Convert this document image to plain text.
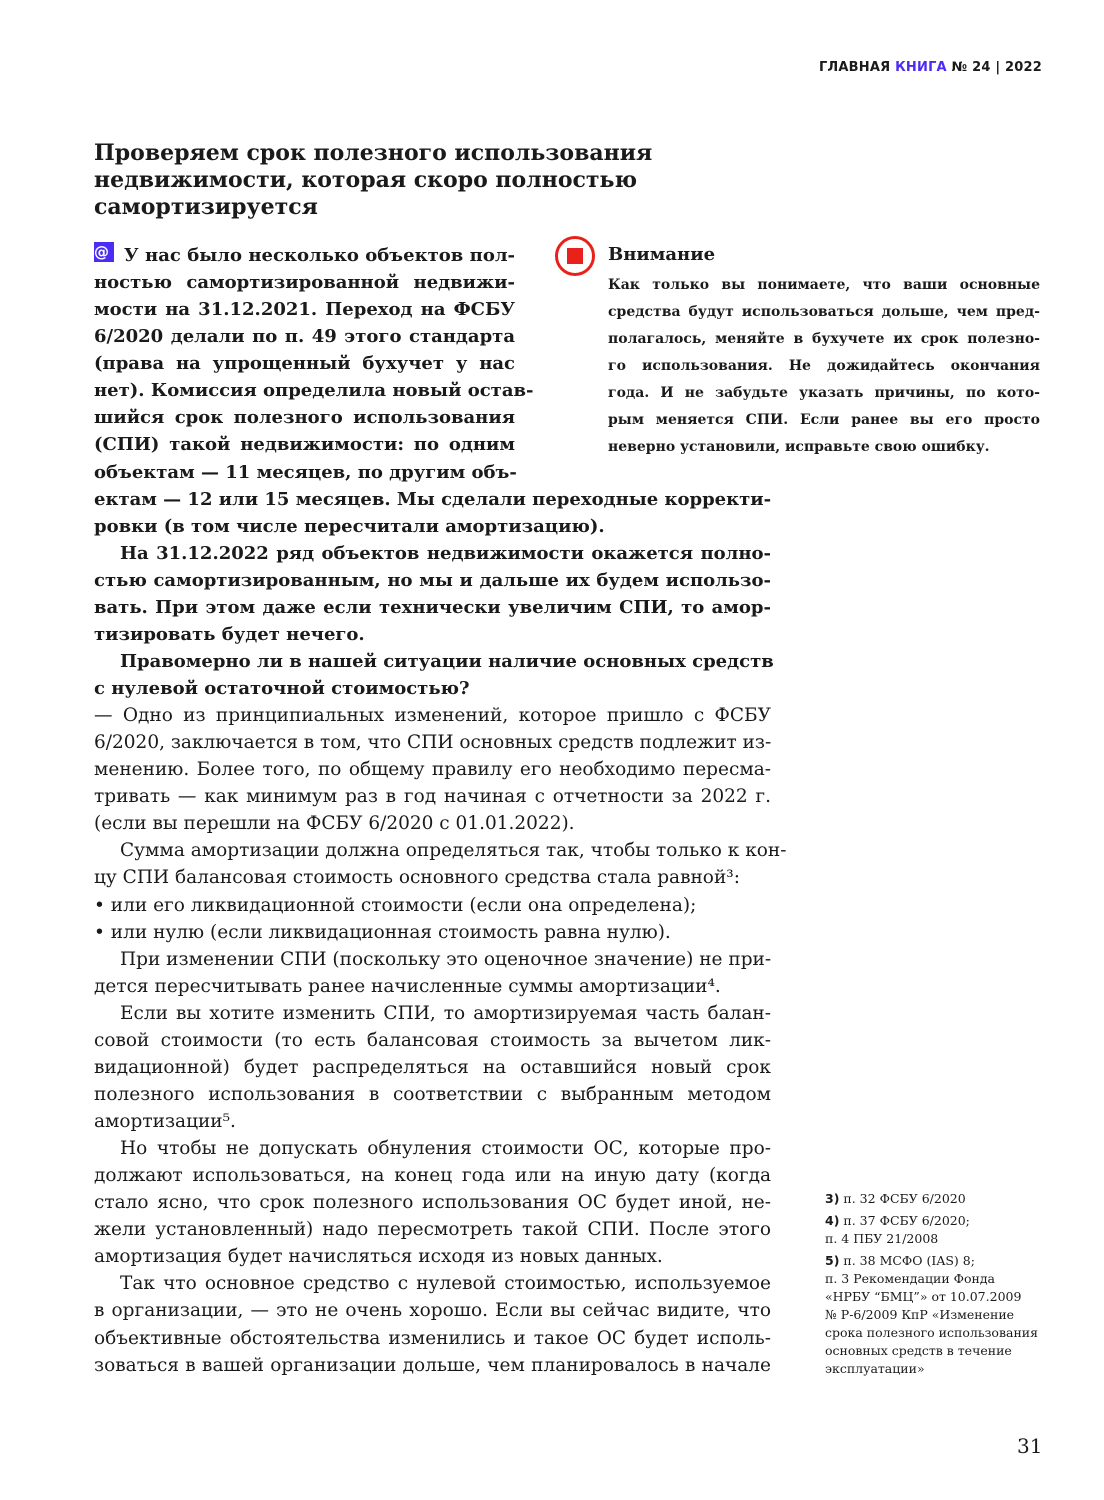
ГЛАВНАЯ КНИГА № 24 | 2022
Проверяем срок полезного использования
недвижимости, которая скоро полностью
самортизируется
@ У нас было несколько объектов пол-
ностью самортизированной недвижи-
мости на 31.12.2021. Переход на ФСБУ
6/2020 делали по п. 49 этого стандарта
(права на упрощенный бухучет у нас
нет). Комиссия определила новый остав-
шийся срок полезного использования
(СПИ) такой недвижимости: по одним
объектам — 11 месяцев, по другим объ-
ектам — 12 или 15 месяцев. Мы сделали переходные корректи-
ровки (в том числе пересчитали амортизацию).
На 31.12.2022 ряд объектов недвижимости окажется полно-
стью самортизированным, но мы и дальше их будем использо-
вать. При этом даже если технически увеличим СПИ, то амор-
тизировать будет нечего.
Правомерно ли в нашей ситуации наличие основных средств
с нулевой остаточной стоимостью?
— Одно из принципиальных изменений, которое пришло с ФСБУ
6/2020, заключается в том, что СПИ основных средств подлежит из-
менению. Более того, по общему правилу его необходимо пересма-
тривать — как минимум раз в год начиная с отчетности за 2022 г.
(если вы перешли на ФСБУ 6/2020 с 01.01.2022).
Сумма амортизации должна определяться так, чтобы только к кон-
цу СПИ балансовая стоимость основного средства стала равной³:
• или его ликвидационной стоимости (если она определена);
• или нулю (если ликвидационная стоимость равна нулю).
При изменении СПИ (поскольку это оценочное значение) не при-
дется пересчитывать ранее начисленные суммы амортизации⁴.
Если вы хотите изменить СПИ, то амортизируемая часть балан-
совой стоимости (то есть балансовая стоимость за вычетом лик-
видационной) будет распределяться на оставшийся новый срок
полезного использования в соответствии с выбранным методом
амортизации⁵.
Но чтобы не допускать обнуления стоимости ОС, которые про-
должают использоваться, на конец года или на иную дату (когда
стало ясно, что срок полезного использования ОС будет иной, не-
жели установленный) надо пересмотреть такой СПИ. После этого
амортизация будет начисляться исходя из новых данных.
Так что основное средство с нулевой стоимостью, используемое
в организации, — это не очень хорошо. Если вы сейчас видите, что
объективные обстоятельства изменились и такое ОС будет исполь-
зоваться в вашей организации дольше, чем планировалось в начале
Внимание
Как только вы понимаете, что ваши основные
средства будут использоваться дольше, чем пред-
полагалось, меняйте в бухучете их срок полезно-
го использования. Не дожидайтесь окончания
года. И не забудьте указать причины, по кото-
рым меняется СПИ. Если ранее вы его просто
неверно установили, исправьте свою ошибку.
3) п. 32 ФСБУ 6/2020
4) п. 37 ФСБУ 6/2020;
п. 4 ПБУ 21/2008
5) п. 38 МСФО (IAS) 8;
п. 3 Рекомендации Фонда
«НРБУ “БМЦ”» от 10.07.2009
№ Р-6/2009 КпР «Изменение
срока полезного использования
основных средств в течение
эксплуатации»
31
